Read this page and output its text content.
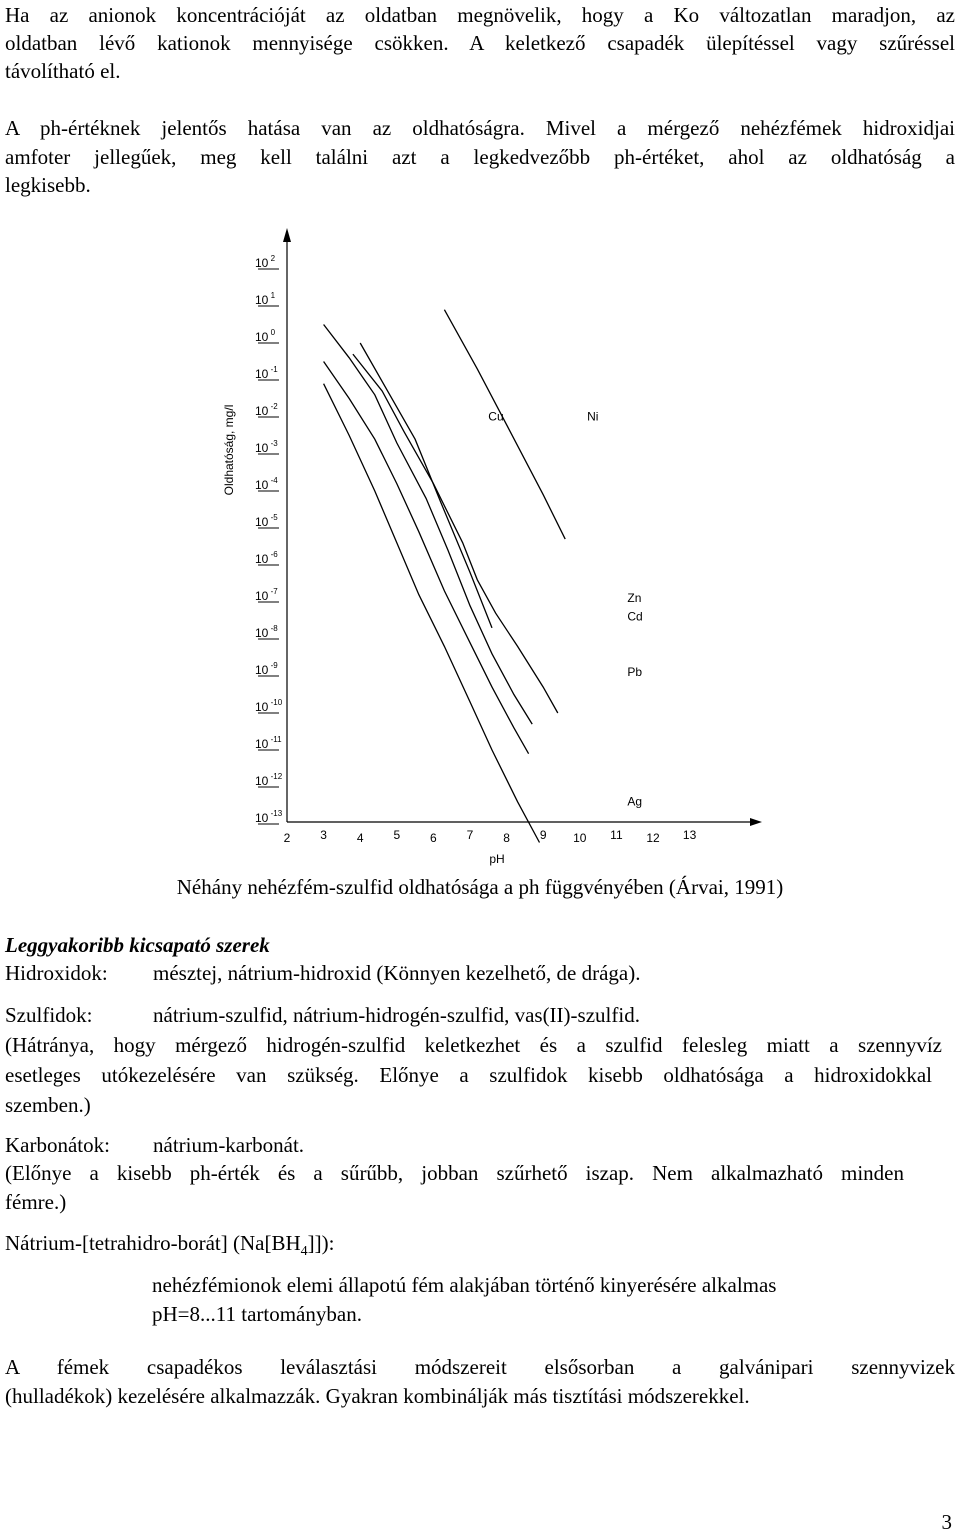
Ha az anionok koncentrációját az oldatban megnövelik, hogy a Ko változatlan maradjon, az
oldatban lévő kationok mennyisége csökken. A keletkező csapadék ülepítéssel vagy szűréssel
távolítható el.
A ph-értéknek jelentős hatása van az oldhatóságra. Mivel a mérgező nehézfémek hidroxidjai
amfoter jellegűek, meg kell találni azt a legkedvezőbb ph-értéket, ahol az oldhatóság a
legkisebb.
Oldhatóság, mg/l
pH
10 $^2$
10 $^1$
10 $^0$
10 $^{-1}$
10 $^{-2}$
10 $^{-3}$
10 $^{-4}$
10 $^{-5}$
10 $^{-6}$
10 $^{-7}$
10 $^{-8}$
10 $^{-9}$
10 $^{-10}$
10 $^{-11}$
10 $^{-12}$
10 $^{-13}$
2 3 4 5 6 7 8 9 10 11 12 13
Cu	Ni
Zn
Cd
Pb
Ag
Néhány nehézfém-szulfid oldhatósága a ph függvényében (Árvai, 1991)
Leggyakoribb kicsapató szerek
Hidroxidok: mésztej, nátrium-hidroxid (Könnyen kezelhető, de drága).
Szulfidok:	nátrium-szulfid, nátrium-hidrogén-szulfid, vas(II)-szulfid.
(Hátránya, hogy mérgező hidrogén-szulfid keletkezhet és a szulfid felesleg miatt a szennyvíz
esetleges utókezelésére van szükség. Előnye a szulfidok kisebb oldhatósága a hidroxidokkal
szemben.)
Karbonátok: nátrium-karbonát.
(Előnye a kisebb ph-érték és a sűrűbb, jobban szűrhető iszap. Nem alkalmazható minden
fémre.)
Nátrium-[tetrahidro-borát] $(Na[BH_4]]$):
nehézfémionok elemi állapotú fém alakjában történő kinyerésére alkalmas
pH=8...11 tartományban.
A fémek csapadékos leválasztási módszereit elsősorban a galvánipari szennyvizek
(hulladékok) kezelésére alkalmazzák. Gyakran kombinálják más tisztítási módszerekkel.
3
